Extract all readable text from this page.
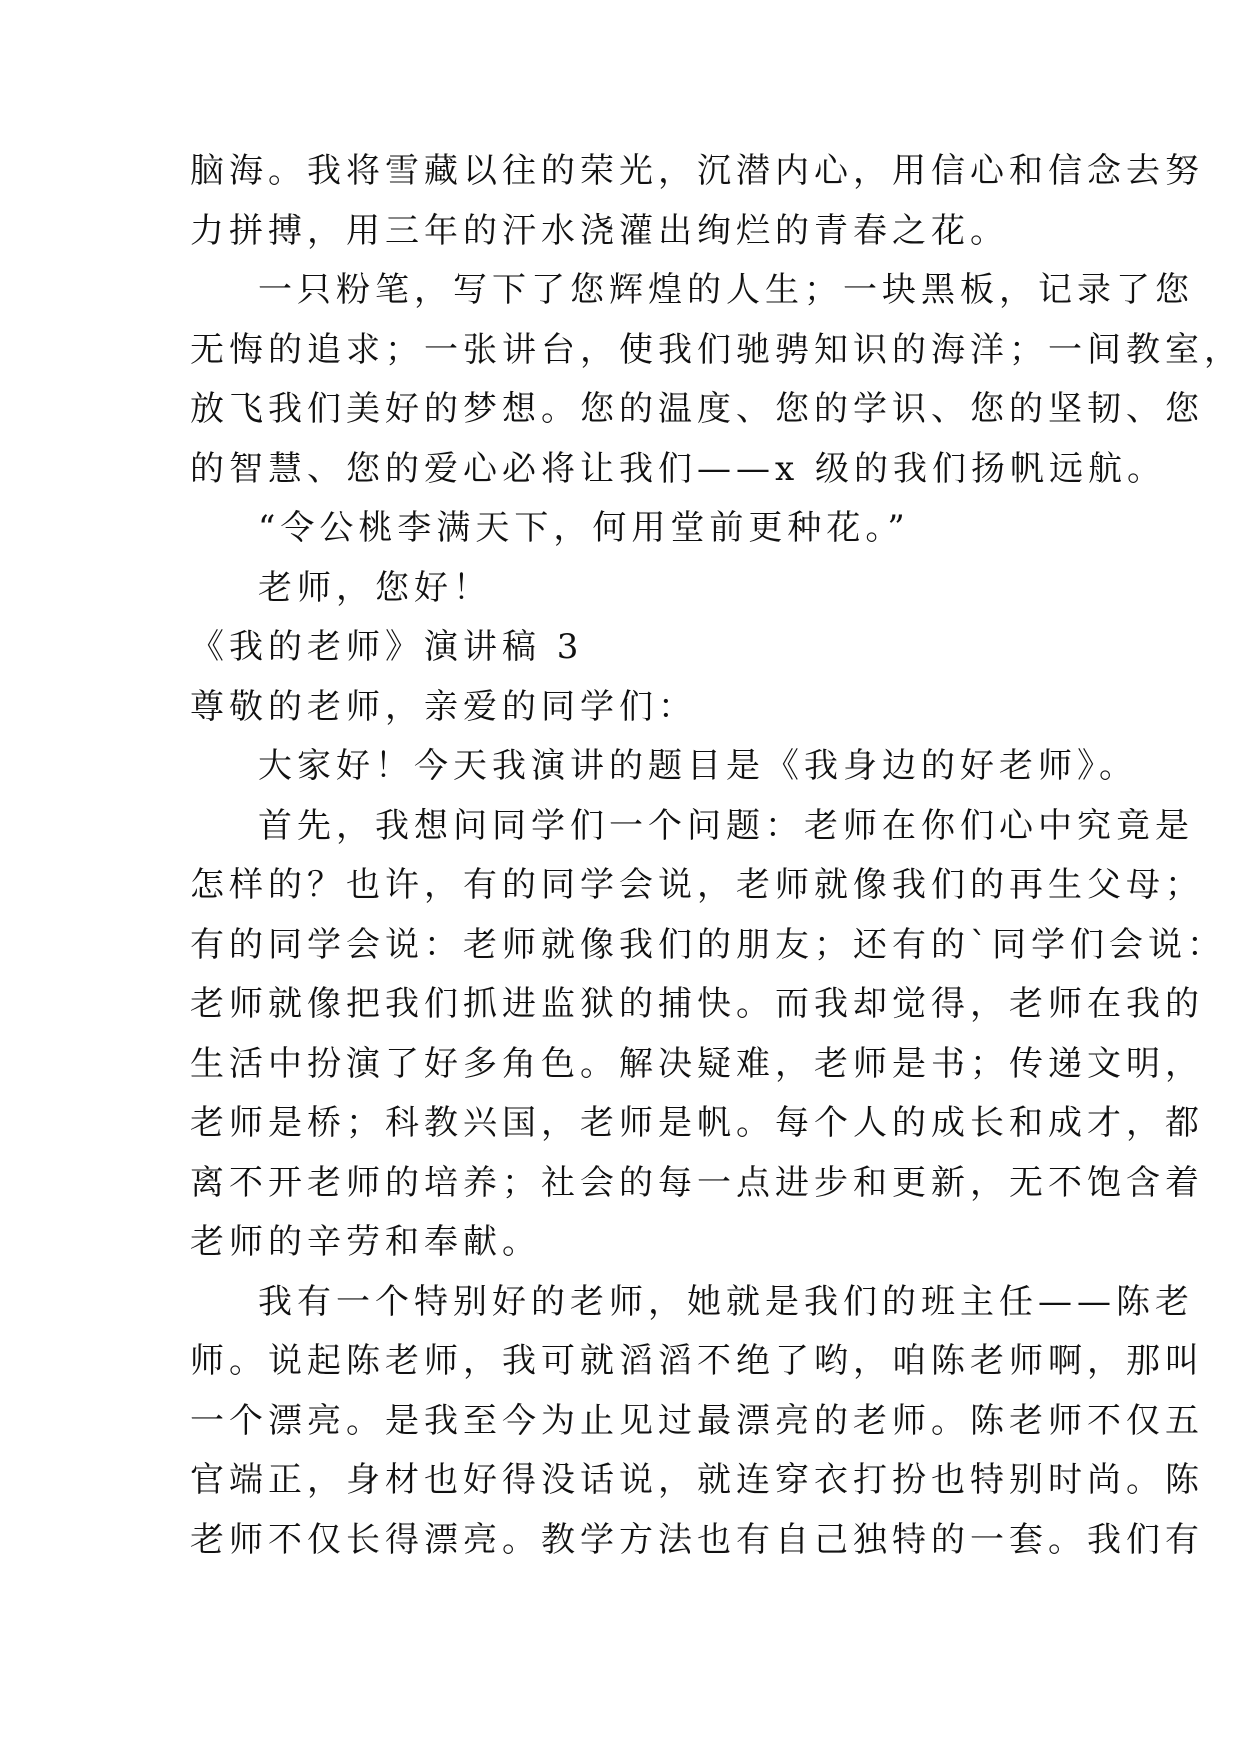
脑海。我将雪藏以往的荣光，沉潜内心，用信心和信念去努
力拼搏，用三年的汗水浇灌出绚烂的青春之花。
一只粉笔，写下了您辉煌的人生；一块黑板，记录了您
无悔的追求；一张讲台，使我们驰骋知识的海洋；一间教室，
放飞我们美好的梦想。您的温度、您的学识、您的坚韧、您
的智慧、您的爱心必将让我们——x 级的我们扬帆远航。
“令公桃李满天下，何用堂前更种花。”
老师，您好！
《我的老师》演讲稿 3
尊敬的老师，亲爱的同学们：
大家好！今天我演讲的题目是《我身边的好老师》。
首先，我想问同学们一个问题：老师在你们心中究竟是
怎样的？也许，有的同学会说，老师就像我们的再生父母；
有的同学会说：老师就像我们的朋友；还有的`同学们会说：
老师就像把我们抓进监狱的捕快。而我却觉得，老师在我的
生活中扮演了好多角色。解决疑难，老师是书；传递文明，
老师是桥；科教兴国，老师是帆。每个人的成长和成才，都
离不开老师的培养；社会的每一点进步和更新，无不饱含着
老师的辛劳和奉献。
我有一个特别好的老师，她就是我们的班主任——陈老
师。说起陈老师，我可就滔滔不绝了哟，咱陈老师啊，那叫
一个漂亮。是我至今为止见过最漂亮的老师。陈老师不仅五
官端正，身材也好得没话说，就连穿衣打扮也特别时尚。陈
老师不仅长得漂亮。教学方法也有自己独特的一套。我们有
